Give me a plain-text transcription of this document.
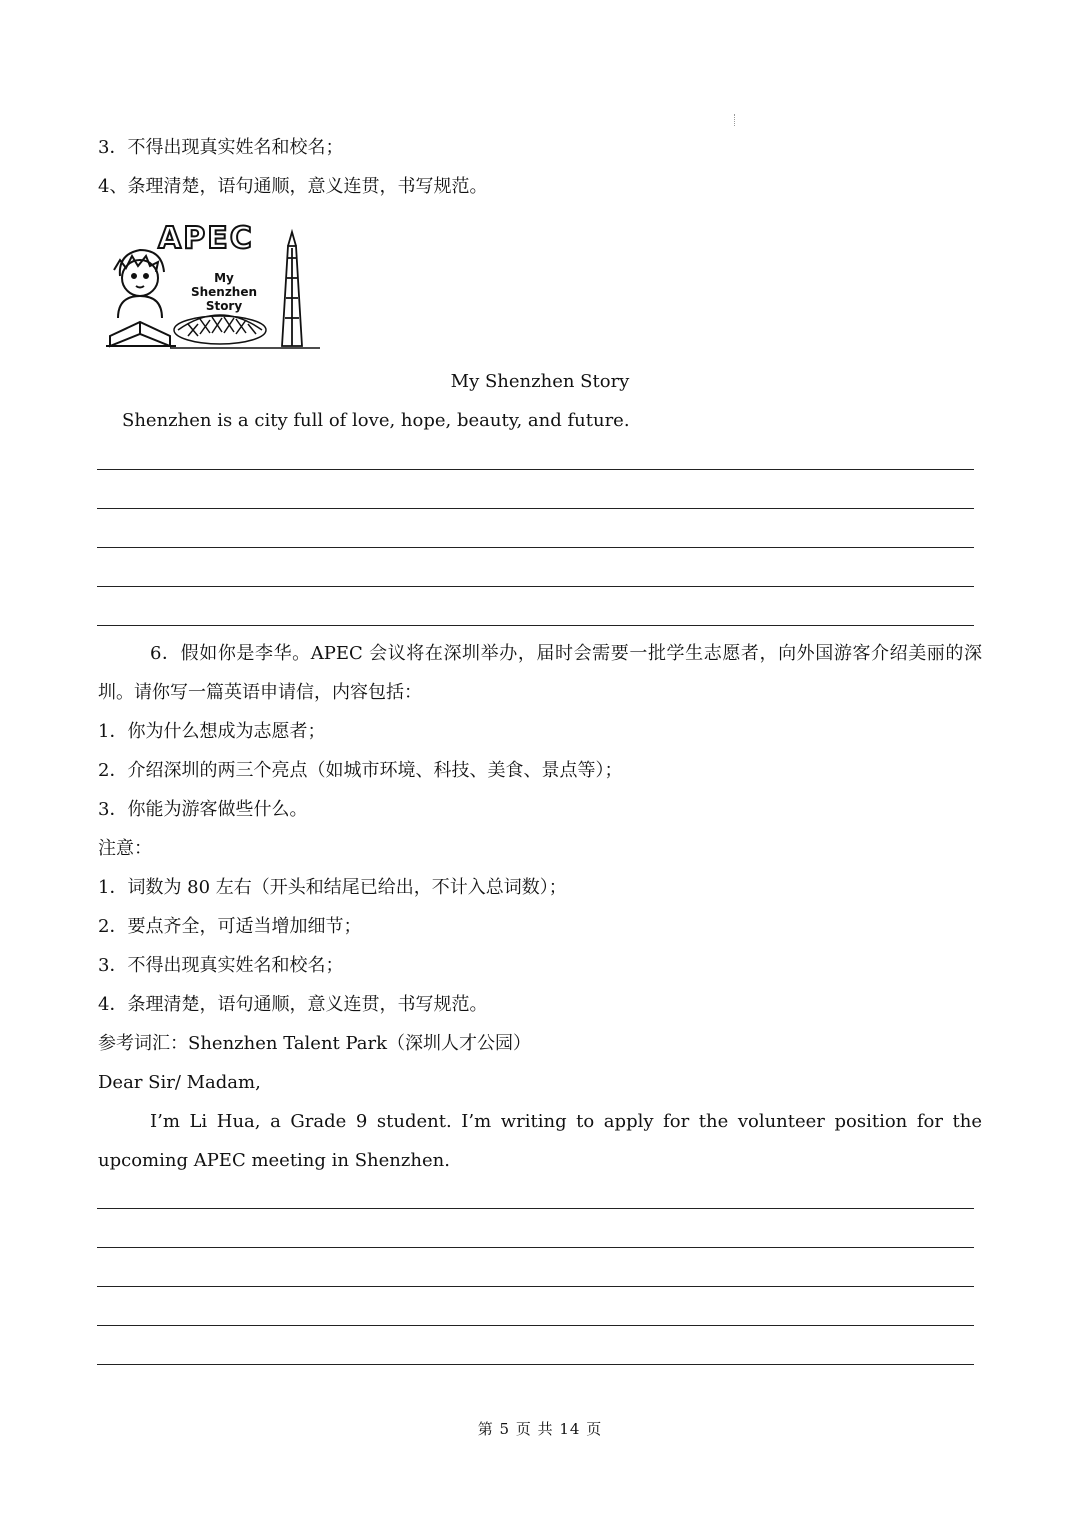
3．不得出现真实姓名和校名；
4、条理清楚，语句通顺，意义连贯，书写规范。
APEC
My
Shenzhen
Story
My Shenzhen Story
Shenzhen is a city full of love, hope, beauty, and future.
6．假如你是李华。APEC 会议将在深圳举办，届时会需要一批学生志愿者，向外国游客介绍美丽的深圳。请你写一篇英语申请信，内容包括：
1．你为什么想成为志愿者；
2．介绍深圳的两三个亮点（如城市环境、科技、美食、景点等）；
3．你能为游客做些什么。
注意：
1．词数为 80 左右（开头和结尾已给出，不计入总词数）；
2．要点齐全，可适当增加细节；
3．不得出现真实姓名和校名；
4．条理清楚，语句通顺，意义连贯，书写规范。
参考词汇：Shenzhen Talent Park（深圳人才公园）
Dear Sir/ Madam,
I’m Li Hua, a Grade 9 student. I’m writing to apply for the volunteer position for the upcoming APEC meeting in Shenzhen.
第 5 页 共 14 页
